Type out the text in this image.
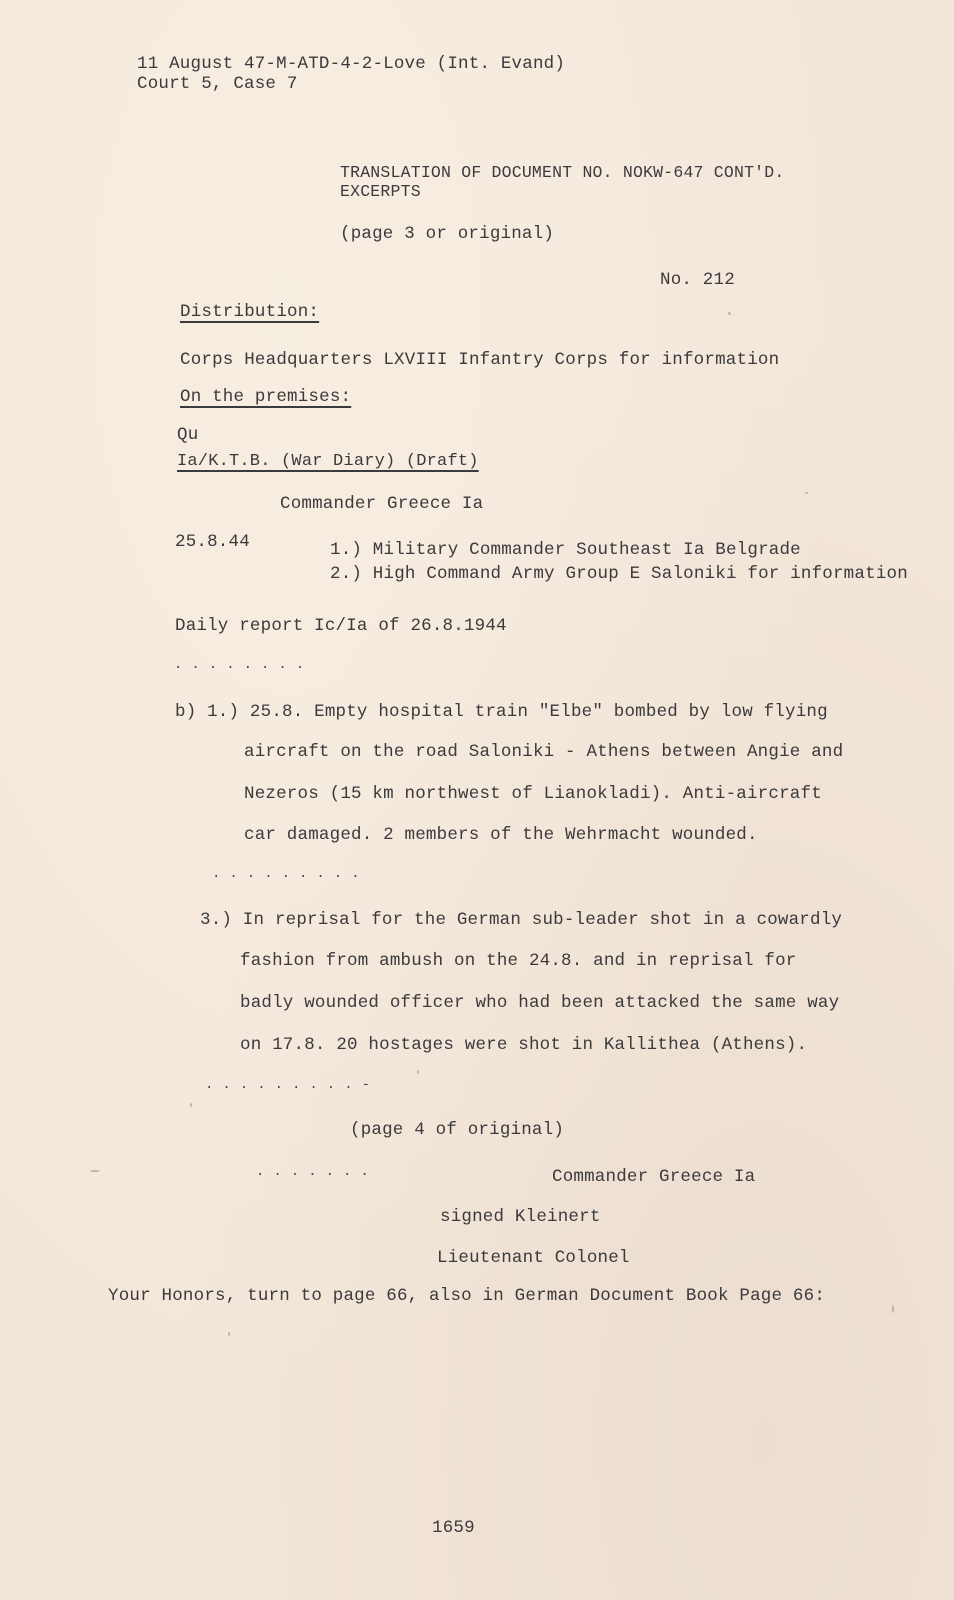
11 August 47-M-ATD-4-2-Love (Int. Evand)
Court 5, Case 7
TRANSLATION OF DOCUMENT NO. NOKW-647 CONT'D.
EXCERPTS
(page 3 or original)
No. 212
Distribution:
Corps Headquarters LXVIII Infantry Corps for information
On the premises:
Qu
Ia/K.T.B. (War Diary) (Draft)
Commander Greece Ia
25.8.44	1.) Military Commander Southeast Ia Belgrade
2.) High Command Army Group E Saloniki for information
Daily report Ic/Ia of 26.8.1944
........
b) 1.) 25.8. Empty hospital train "Elbe" bombed by low flying
aircraft on the road Saloniki - Athens between Angie and
Nezeros (15 km northwest of Lianokladi). Anti-aircraft
car damaged. 2 members of the Wehrmacht wounded.
.........
3.) In reprisal for the German sub-leader shot in a cowardly
fashion from ambush on the 24.8. and in reprisal for
badly wounded officer who had been attacked the same way
on 17.8. 20 hostages were shot in Kallithea (Athens).
.........-
(page 4 of original)
.......	Commander Greece Ia
signed Kleinert
Lieutenant Colonel
Your Honors, turn to page 66, also in German Document Book Page 66:
1659
